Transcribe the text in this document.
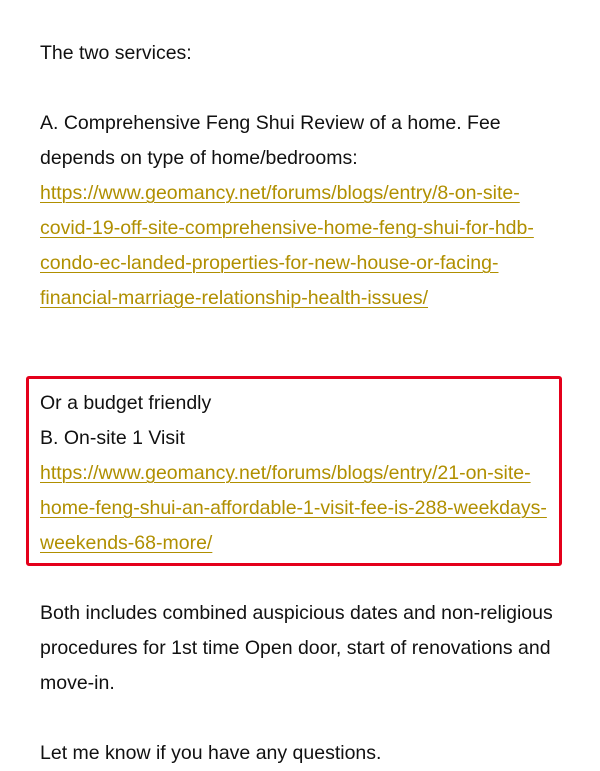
The two services:

A. Comprehensive Feng Shui Review of a home. Fee depends on type of home/bedrooms: https://www.geomancy.net/forums/blogs/entry/8-on-site-covid-19-off-site-comprehensive-home-feng-shui-for-hdb-condo-ec-landed-properties-for-new-house-or-facing-financial-marriage-relationship-health-issues/

Or a budget friendly

B. On-site 1 Visit https://www.geomancy.net/forums/blogs/entry/21-on-site-home-feng-shui-an-affordable-1-visit-fee-is-288-weekdays-weekends-68-more/

Both includes combined auspicious dates and non-religious procedures for 1st time Open door, start of renovations and move-in.

Let me know if you have any questions.
